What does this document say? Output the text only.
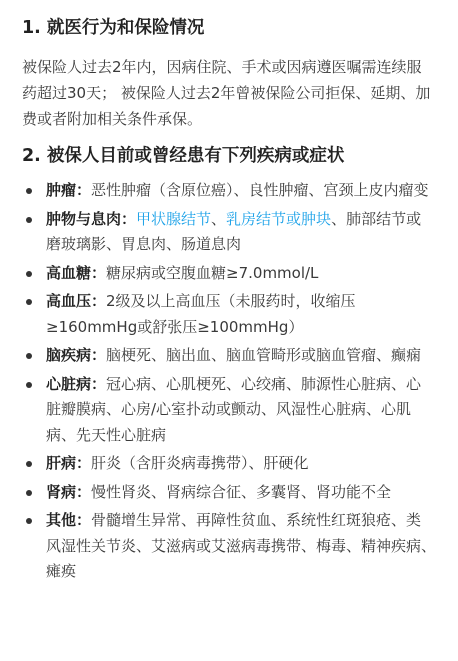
1. 就医行为和保险情况

被保险人过去2年内，因病住院、手术或因病遵医嘱需连续服药超过30天； 被保险人过去2年曾被保险公司拒保、延期、加费或者附加相关条件承保。

2. 被保人目前或曾经患有下列疾病或症状
肿瘤：恶性肿瘤（含原位癌）、良性肿瘤、宫颈上皮内瘤变
肿物与息肉：甲状腺结节、乳房结节或肿块、肺部结节或磨玻璃影、胃息肉、肠道息肉
高血糖：糖尿病或空腹血糖≥7.0mmol/L
高血压：2级及以上高血压（未服药时，收缩压≥160mmHg或舒张压≥100mmHg）
脑疾病：脑梗死、脑出血、脑血管畸形或脑血管瘤、癫痫
心脏病：冠心病、心肌梗死、心绞痛、肺源性心脏病、心脏瓣膜病、心房/心室扑动或颤动、风湿性心脏病、心肌病、先天性心脏病
肝病：肝炎（含肝炎病毒携带）、肝硬化
肾病：慢性肾炎、肾病综合征、多囊肾、肾功能不全
其他：骨髓增生异常、再障性贫血、系统性红斑狼疮、类风湿性关节炎、艾滋病或艾滋病毒携带、梅毒、精神疾病、瘫痪
